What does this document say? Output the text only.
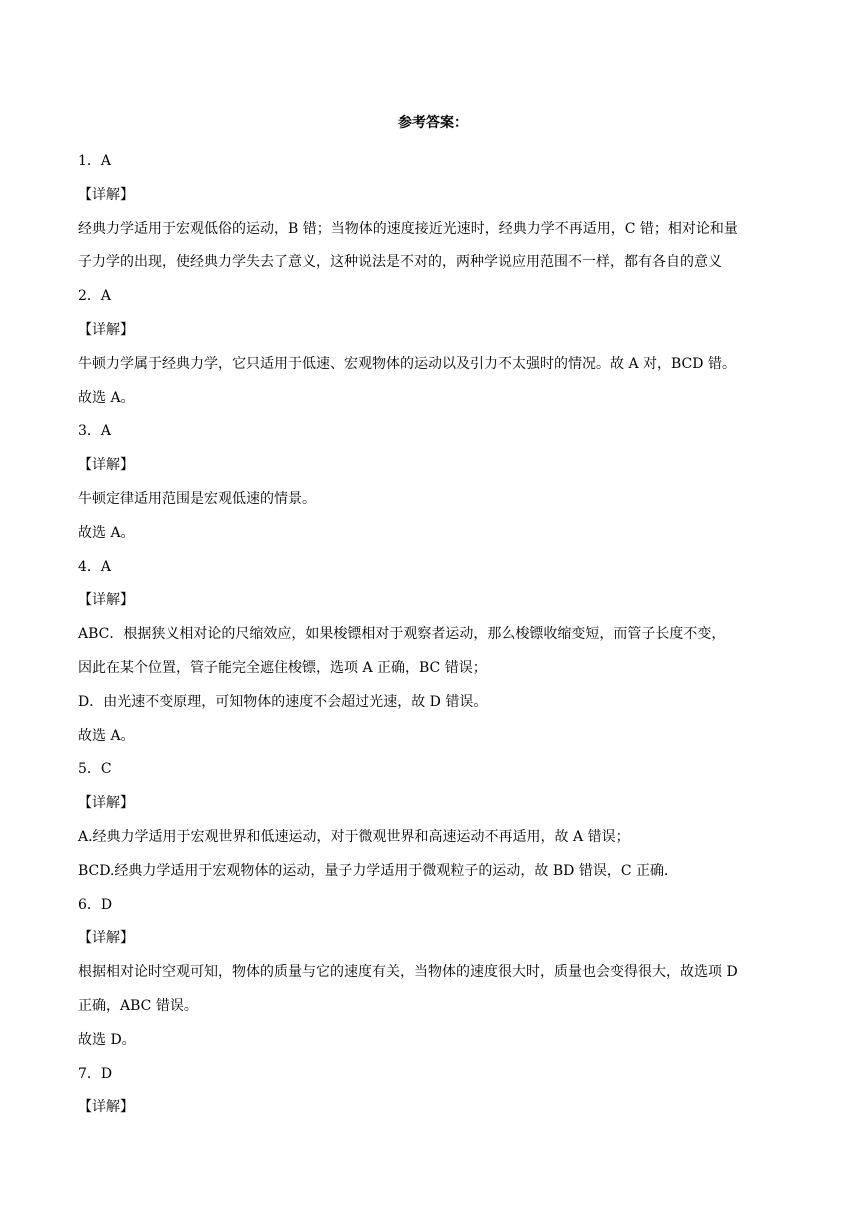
参考答案：
1．A
【详解】
经典力学适用于宏观低俗的运动，B 错；当物体的速度接近光速时，经典力学不再适用，C 错；相对论和量
子力学的出现，使经典力学失去了意义，这种说法是不对的，两种学说应用范围不一样，都有各自的意义
2．A
【详解】
牛顿力学属于经典力学，它只适用于低速、宏观物体的运动以及引力不太强时的情况。故 A 对，BCD 错。
故选 A。
3．A
【详解】
牛顿定律适用范围是宏观低速的情景。
故选 A。
4．A
【详解】
ABC．根据狭义相对论的尺缩效应，如果梭镖相对于观察者运动，那么梭镖收缩变短，而管子长度不变，
因此在某个位置，管子能完全遮住梭镖，选项 A 正确，BC 错误；
D．由光速不变原理，可知物体的速度不会超过光速，故 D 错误。
故选 A。
5．C
【详解】
A.经典力学适用于宏观世界和低速运动，对于微观世界和高速运动不再适用，故 A 错误；
BCD.经典力学适用于宏观物体的运动，量子力学适用于微观粒子的运动，故 BD 错误，C 正确．
6．D
【详解】
根据相对论时空观可知，物体的质量与它的速度有关，当物体的速度很大时，质量也会变得很大，故选项 D
正确，ABC 错误。
故选 D。
7．D
【详解】
